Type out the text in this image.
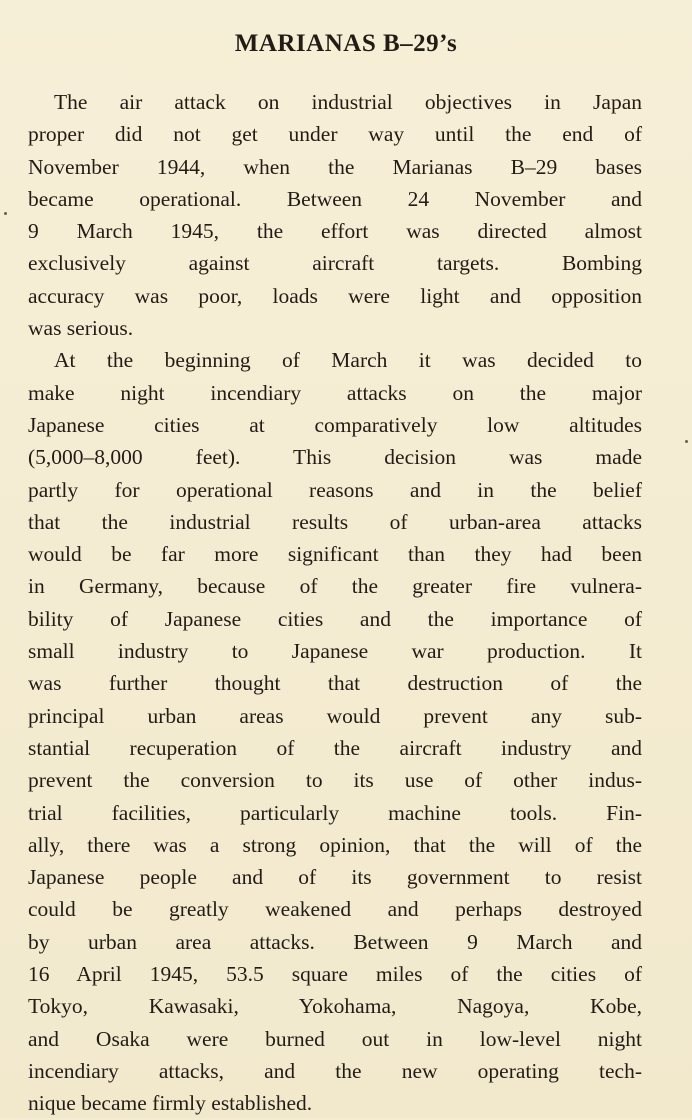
MARIANAS B–29’s

The air attack on industrial objectives in Japan
proper did not get under way until the end of
November 1944, when the Marianas B–29 bases
became operational. Between 24 November and
9 March 1945, the effort was directed almost
exclusively against aircraft targets. Bombing
accuracy was poor, loads were light and opposition
was serious.

At the beginning of March it was decided to
make night incendiary attacks on the major
Japanese cities at comparatively low altitudes
(5,000–8,000 feet). This decision was made
partly for operational reasons and in the belief
that the industrial results of urban-area attacks
would be far more significant than they had been
in Germany, because of the greater fire vulnera-
bility of Japanese cities and the importance of
small industry to Japanese war production. It
was further thought that destruction of the
principal urban areas would prevent any sub-
stantial recuperation of the aircraft industry and
prevent the conversion to its use of other indus-
trial facilities, particularly machine tools. Fin-
ally, there was a strong opinion, that the will of the
Japanese people and of its government to resist
could be greatly weakened and perhaps destroyed
by urban area attacks. Between 9 March and
16 April 1945, 53.5 square miles of the cities of
Tokyo, Kawasaki, Yokohama, Nagoya, Kobe,
and Osaka were burned out in low-level night
incendiary attacks, and the new operating tech-
nique became firmly established.
